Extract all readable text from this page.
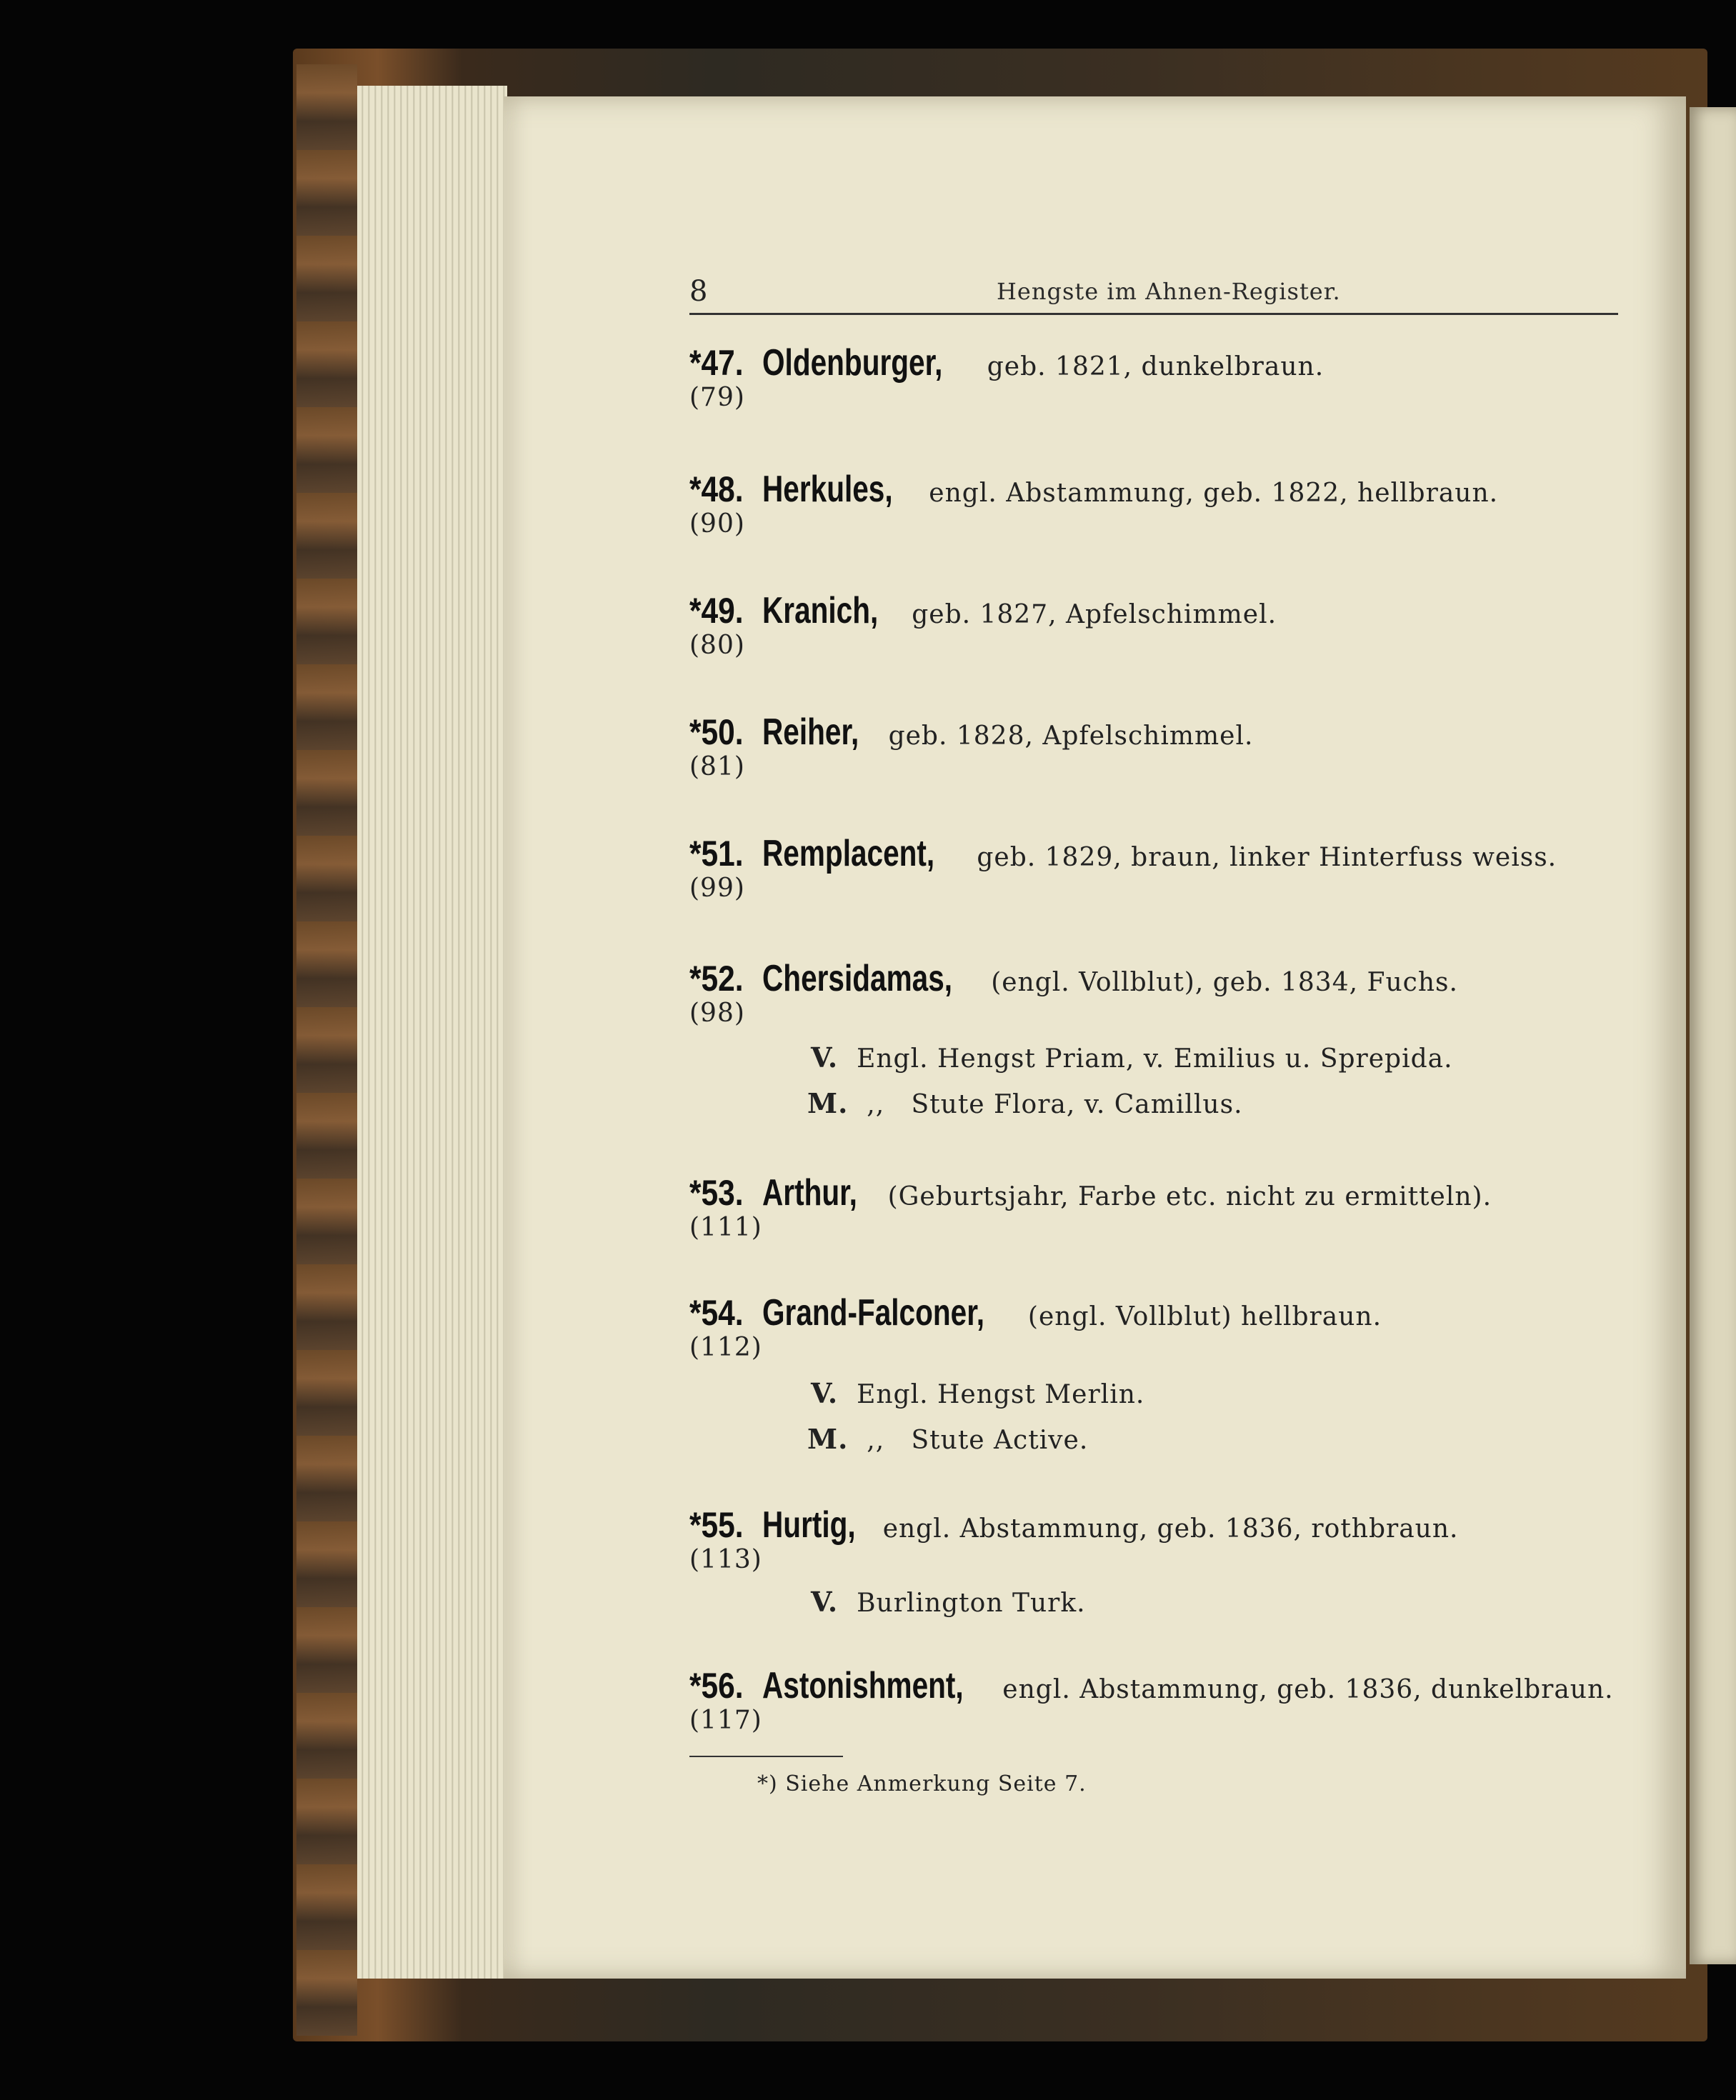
8	Hengste im Ahnen-Register.
*47. Oldenburger, geb. 1821, dunkelbraun.
(79)
*48. Herkules, engl. Abstammung, geb. 1822, hellbraun.
(90)
*49. Kranich, geb. 1827, Apfelschimmel.
(80)
*50. Reiher, geb. 1828, Apfelschimmel.
(81)
*51. Remplacent, geb. 1829, braun, linker Hinterfuss weiss.
(99)
*52. Chersidamas, (engl. Vollblut), geb. 1834, Fuchs.
(98)
V. Engl. Hengst Priam, v. Emilius u. Sprepida.
M. ,,   Stute Flora, v. Camillus.
*53. Arthur, (Geburtsjahr, Farbe etc. nicht zu ermitteln).
(111)
*54. Grand-Falconer, (engl. Vollblut) hellbraun.
(112)
V. Engl. Hengst Merlin.
M. ,,   Stute Active.
*55. Hurtig, engl. Abstammung, geb. 1836, rothbraun.
(113)
V. Burlington Turk.
*56. Astonishment, engl. Abstammung, geb. 1836, dunkelbraun.
(117)
*) Siehe Anmerkung Seite 7.
